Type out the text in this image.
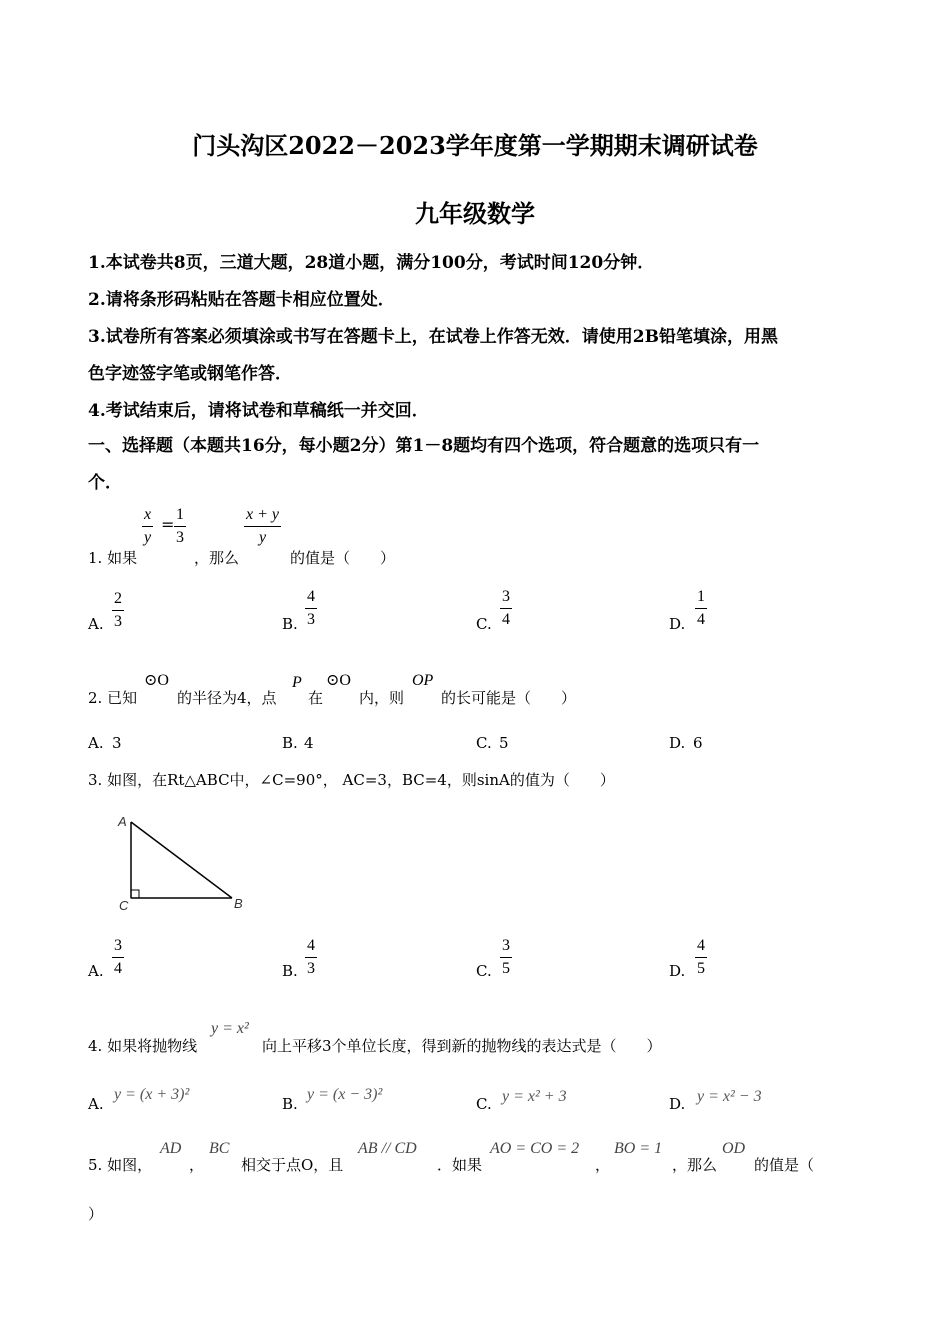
门头沟区2022－2023学年度第一学期期末调研试卷
九年级数学
1.本试卷共8页，三道大题，28道小题，满分100分，考试时间120分钟．
2.请将条形码粘贴在答题卡相应位置处．
3.试卷所有答案必须填涂或书写在答题卡上，在试卷上作答无效．请使用2B铅笔填涂，用黑
色字迹签字笔或钢笔作答．
4.考试结束后，请将试卷和草稿纸一并交回．
一、选择题（本题共16分，每小题2分）第1－8题均有四个选项，符合题意的选项只有一
个．
1. 如果
x
y
=
1
3
，那么
x + y
y
的值是（　　）
A.
2
3	B.
4
3	C.
3
4	D.
1
4
2. 已知
⊙O
的半径为4，点
P
在
⊙O
内，则
OP
的长可能是（　　）
A. 3	B. 4	C. 5	D. 6
3. 如图，在Rt△ABC中，∠C=90°， AC=3，BC=4，则sinA的值为（　　）
A
C	B
A.
3
4	B.
4
3	C.
3
5	D.
4
5
4. 如果将抛物线
y = x²
向上平移3个单位长度，得到新的抛物线的表达式是（　　）
A.
y = (x + 3)²
B.
y = (x − 3)²
C. y = x² + 3	D. y = x² − 3
5. 如图，
AD
，
BC
相交于点O，且
AB // CD
．如果
AO = CO = 2
，
BO = 1
，那么
OD
的值是（
）
